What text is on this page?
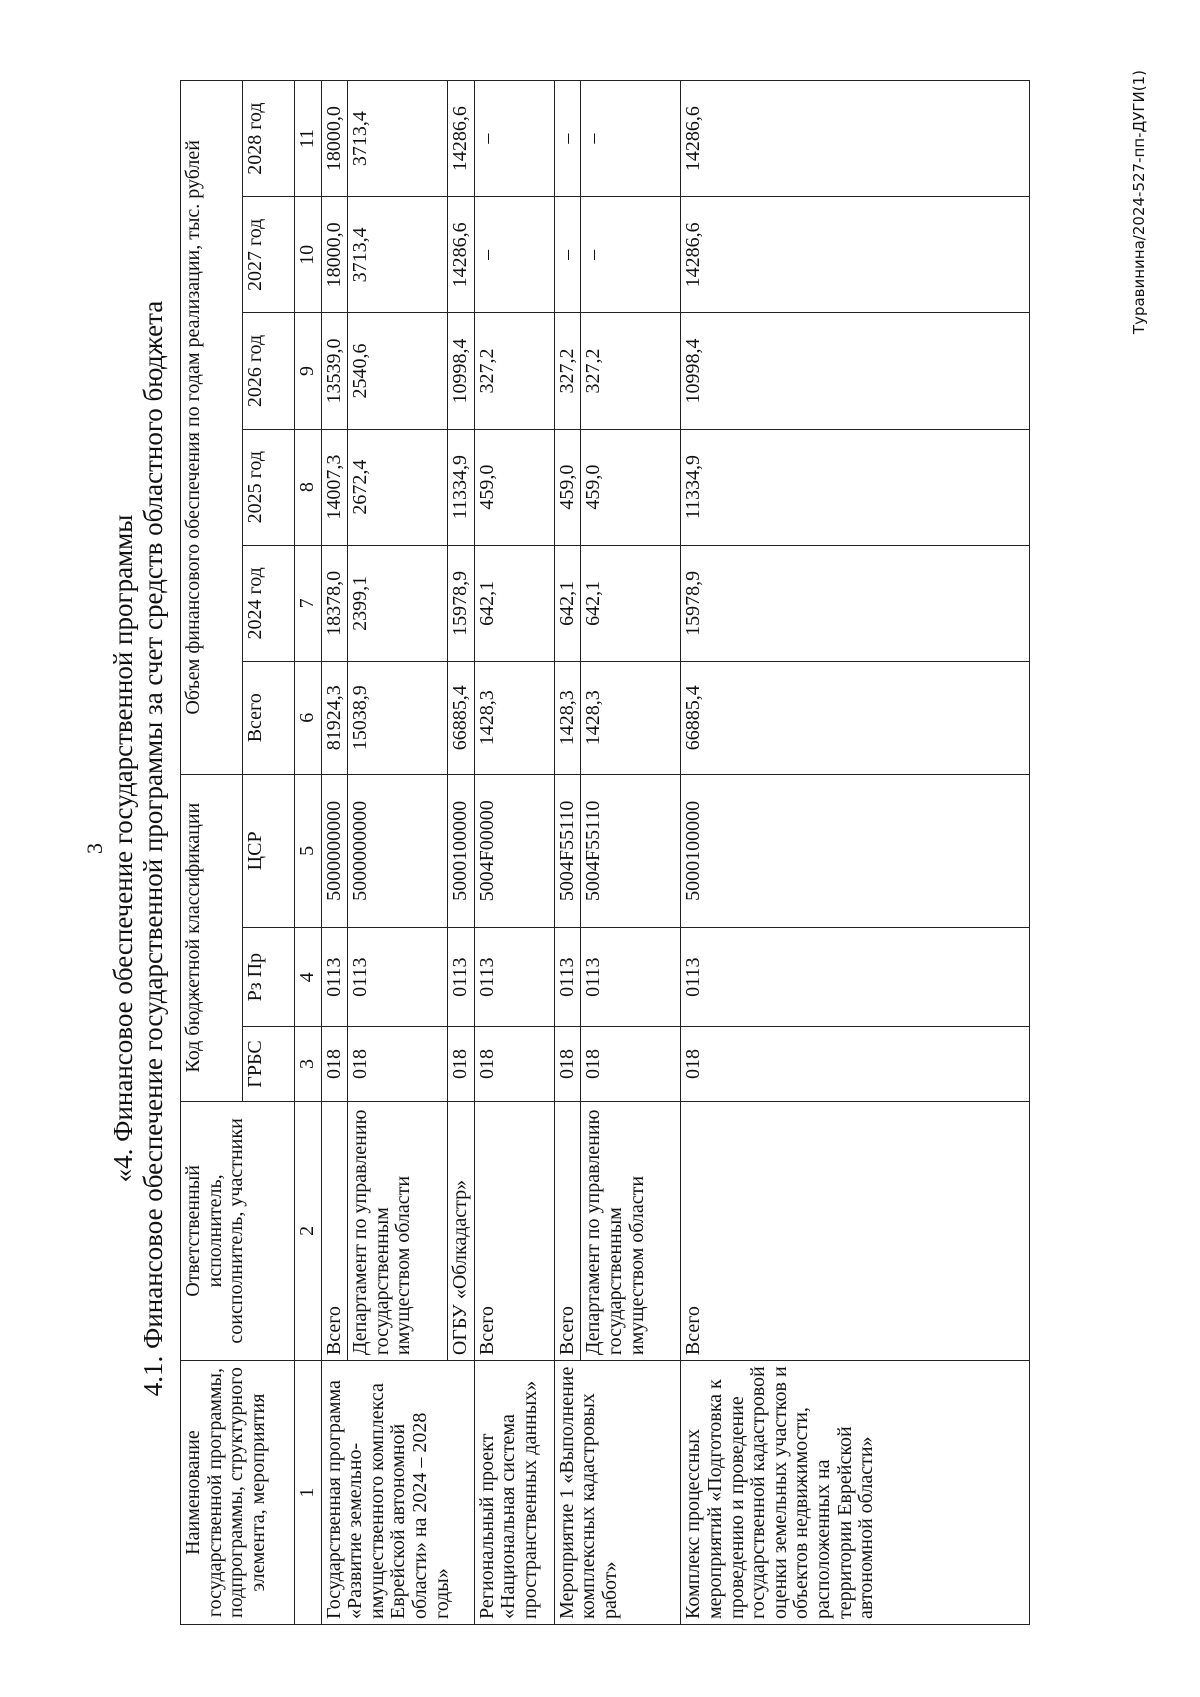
3 «4. Финансовое обеспечение государственной программы 4.1. Финансовое обеспечение государственной программы за счет средств областного бюджета
Наименование государственной программы, подпрограммы, структурного элемента, мероприятия	Ответственный исполнитель, соисполнитель, участники	Код бюджетной классификации			Объем финансового обеспечения по годам реализации, тыс. рублей					
		ГРБС	Рз Пр	ЦСР	Всего	2024 год	2025 год	2026 год	2027 год	2028 год
1	2	3	4	5	6	7	8	9	10	11
Государственная программа «Развитие земельно-имущественного комплекса Еврейской автономной области» на 2024 – 2028 годы»	Всего	018	0113	5000000000	81924,3	18378,0	14007,3	13539,0	18000,0	18000,0
	Департамент по управлению государственным имуществом области	018	0113	5000000000	15038,9	2399,1	2672,4	2540,6	3713,4	3713,4
	ОГБУ «Облкадастр»	018	0113	5000100000	66885,4	15978,9	11334,9	10998,4	14286,6	14286,6
Региональный проект «Национальная система пространственных данных»	Всего	018	0113	5004F00000	1428,3	642,1	459,0	327,2	–	–
Мероприятие 1 «Выполнение комплексных кадастровых работ»	Всего	018	0113	5004F55110	1428,3	642,1	459,0	327,2	–	–
	Департамент по управлению государственным имуществом области	018	0113	5004F55110	1428,3	642,1	459,0	327,2	–	–
Комплекс процессных мероприятий «Подготовка к проведению и проведение государственной кадастровой оценки земельных участков и объектов недвижимости, расположенных на территории Еврейской автономной области»	Всего	018	0113	5000100000	66885,4	15978,9	11334,9	10998,4	14286,6	14286,6	Туравинина/2024-527-пп-ДУГИ(1)
